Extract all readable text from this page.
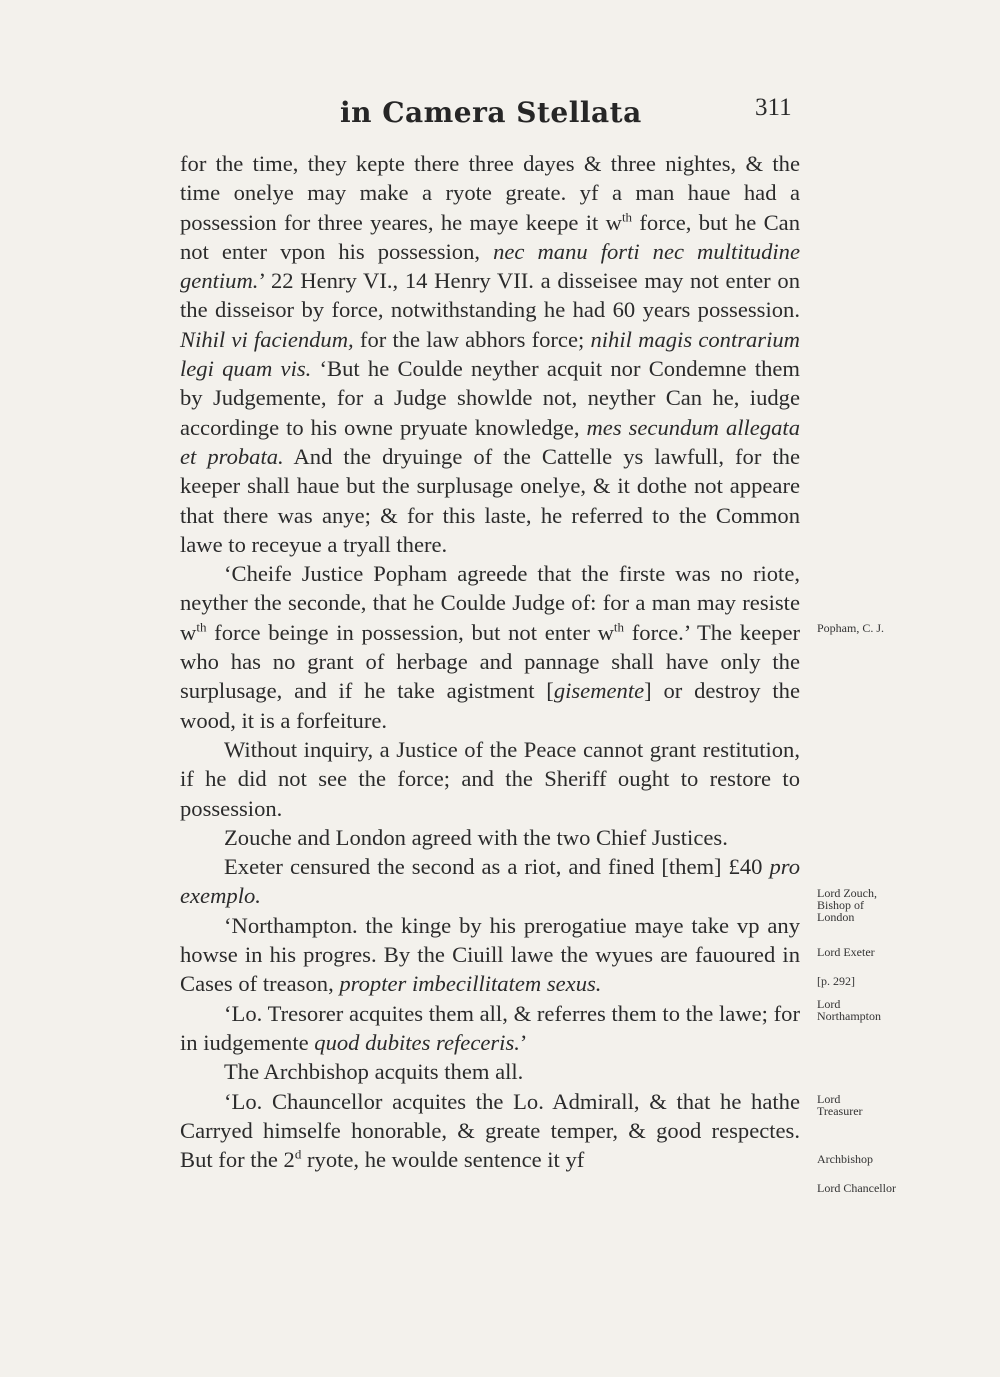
in Camera Stellata	311

for the time, they kepte there three dayes & three nightes, & the time onelye may make a ryote greate. yf a man haue had a possession for three yeares, he maye keepe it $w^{th}$ force, but he Can not enter vpon his possession, nec manu forti nec multitudine gentium.’ 22 Henry VI., 14 Henry VII. a disseisee may not enter on the disseisor by force, notwithstanding he had 60 years possession. Nihil vi faciendum, for the law abhors force; nihil magis contrarium legi quam vis. ‘But he Coulde neyther acquit nor Condemne them by Judgemente, for a Judge showlde not, neyther Can he, iudge accordinge to his owne pryuate knowledge, mes secundum allegata et probata. And the dryuinge of the Cattelle ys lawfull, for the keeper shall haue but the surplusage onelye, & it dothe not appeare that there was anye; & for this laste, he referred to the Common lawe to receyue a tryall there.

‘Cheife Justice Popham agreede that the firste was no riote, neyther the seconde, that he Coulde Judge of: for a man may resiste $w^{th}$ force beinge in possession, but not enter $w^{th}$ force.’ The keeper who has no grant of herbage and pannage shall have only the surplusage, and if he take agistment [gisemente] or destroy the wood, it is a forfeiture.

Without inquiry, a Justice of the Peace cannot grant restitution, if he did not see the force; and the Sheriff ought to restore to possession.

Zouche and London agreed with the two Chief Justices.

Exeter censured the second as a riot, and fined [them] £40 pro exemplo.

‘Northampton. the kinge by his prerogatiue maye take vp any howse in his progres. By the Ciuill lawe the wyues are fauoured in Cases of treason, propter imbecillitatem sexus.

‘Lo. Tresorer acquites them all, & referres them to the lawe; for in iudgemente quod dubites refeceris.’

The Archbishop acquits them all.

‘Lo. Chauncellor acquites the Lo. Admirall, & that he hathe Carryed himselfe honorable, & greate temper, & good respectes. But for the 2$^d$ ryote, he woulde sentence it yf

Popham, C. J.
Lord Zouch, Bishop of London
Lord Exeter
[p. 292]
Lord Northampton
Lord Treasurer
Archbishop
Lord Chancellor
